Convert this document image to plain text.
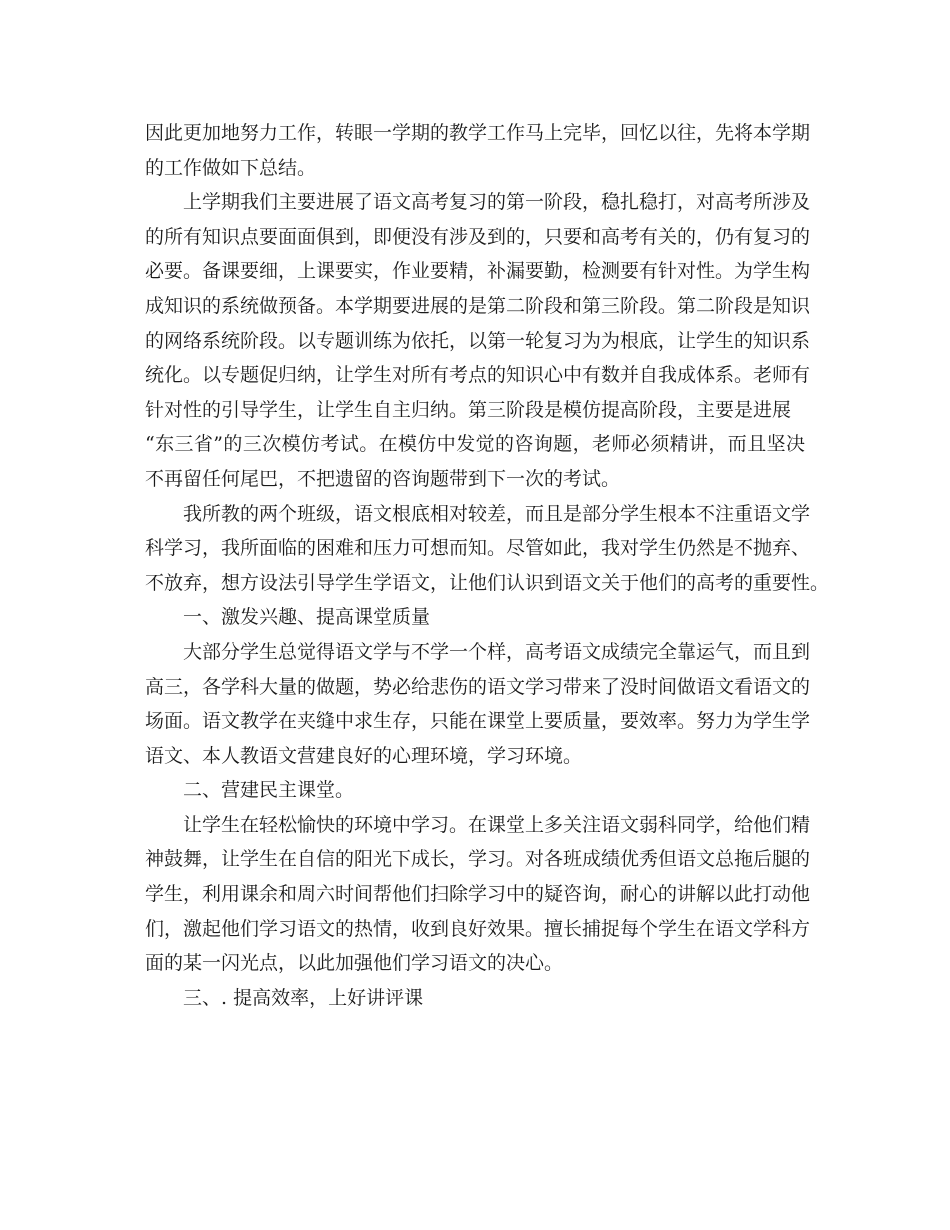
因此更加地努力工作，转眼一学期的教学工作马上完毕，回忆以往，先将本学期
的工作做如下总结。
上学期我们主要进展了语文高考复习的第一阶段，稳扎稳打，对高考所涉及
的所有知识点要面面俱到，即便没有涉及到的，只要和高考有关的，仍有复习的
必要。备课要细，上课要实，作业要精，补漏要勤，检测要有针对性。为学生构
成知识的系统做预备。本学期要进展的是第二阶段和第三阶段。第二阶段是知识
的网络系统阶段。以专题训练为依托，以第一轮复习为为根底，让学生的知识系
统化。以专题促归纳，让学生对所有考点的知识心中有数并自我成体系。老师有
针对性的引导学生，让学生自主归纳。第三阶段是模仿提高阶段，主要是进展
“东三省”的三次模仿考试。在模仿中发觉的咨询题，老师必须精讲，而且坚决
不再留任何尾巴，不把遗留的咨询题带到下一次的考试。
我所教的两个班级，语文根底相对较差，而且是部分学生根本不注重语文学
科学习，我所面临的困难和压力可想而知。尽管如此，我对学生仍然是不抛弃、
不放弃，想方设法引导学生学语文，让他们认识到语文关于他们的高考的重要性。
一、激发兴趣、提高课堂质量
大部分学生总觉得语文学与不学一个样，高考语文成绩完全靠运气，而且到
高三，各学科大量的做题，势必给悲伤的语文学习带来了没时间做语文看语文的
场面。语文教学在夹缝中求生存，只能在课堂上要质量，要效率。努力为学生学
语文、本人教语文营建良好的心理环境，学习环境。
二、营建民主课堂。
让学生在轻松愉快的环境中学习。在课堂上多关注语文弱科同学，给他们精
神鼓舞，让学生在自信的阳光下成长，学习。对各班成绩优秀但语文总拖后腿的
学生，利用课余和周六时间帮他们扫除学习中的疑咨询，耐心的讲解以此打动他
们，激起他们学习语文的热情，收到良好效果。擅长捕捉每个学生在语文学科方
面的某一闪光点，以此加强他们学习语文的决心。
三、. 提高效率，上好讲评课
